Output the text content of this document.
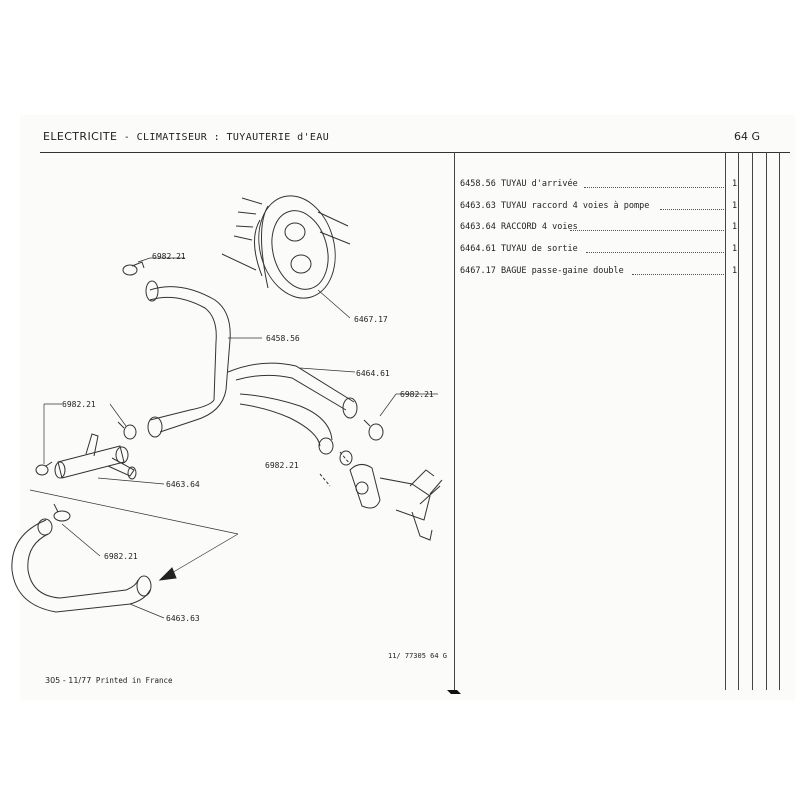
ELECTRICITE - CLIMATISEUR : TUYAUTERIE d'EAU	64 G
6458.56 TUYAU d'arrivée	1
6463.63 TUYAU raccord 4 voies à pompe	1
6463.64 RACCORD 4 voies	1
6464.61 TUYAU de sortie	1
6467.17 BAGUE passe-gaine double	1
6982.21
6467.17
6458.56
6464.61
6982.21
6982.21
6982.21
6463.64
6982.21
6463.63
11/ 77305 64 G
305 - 11/77 Printed in France
